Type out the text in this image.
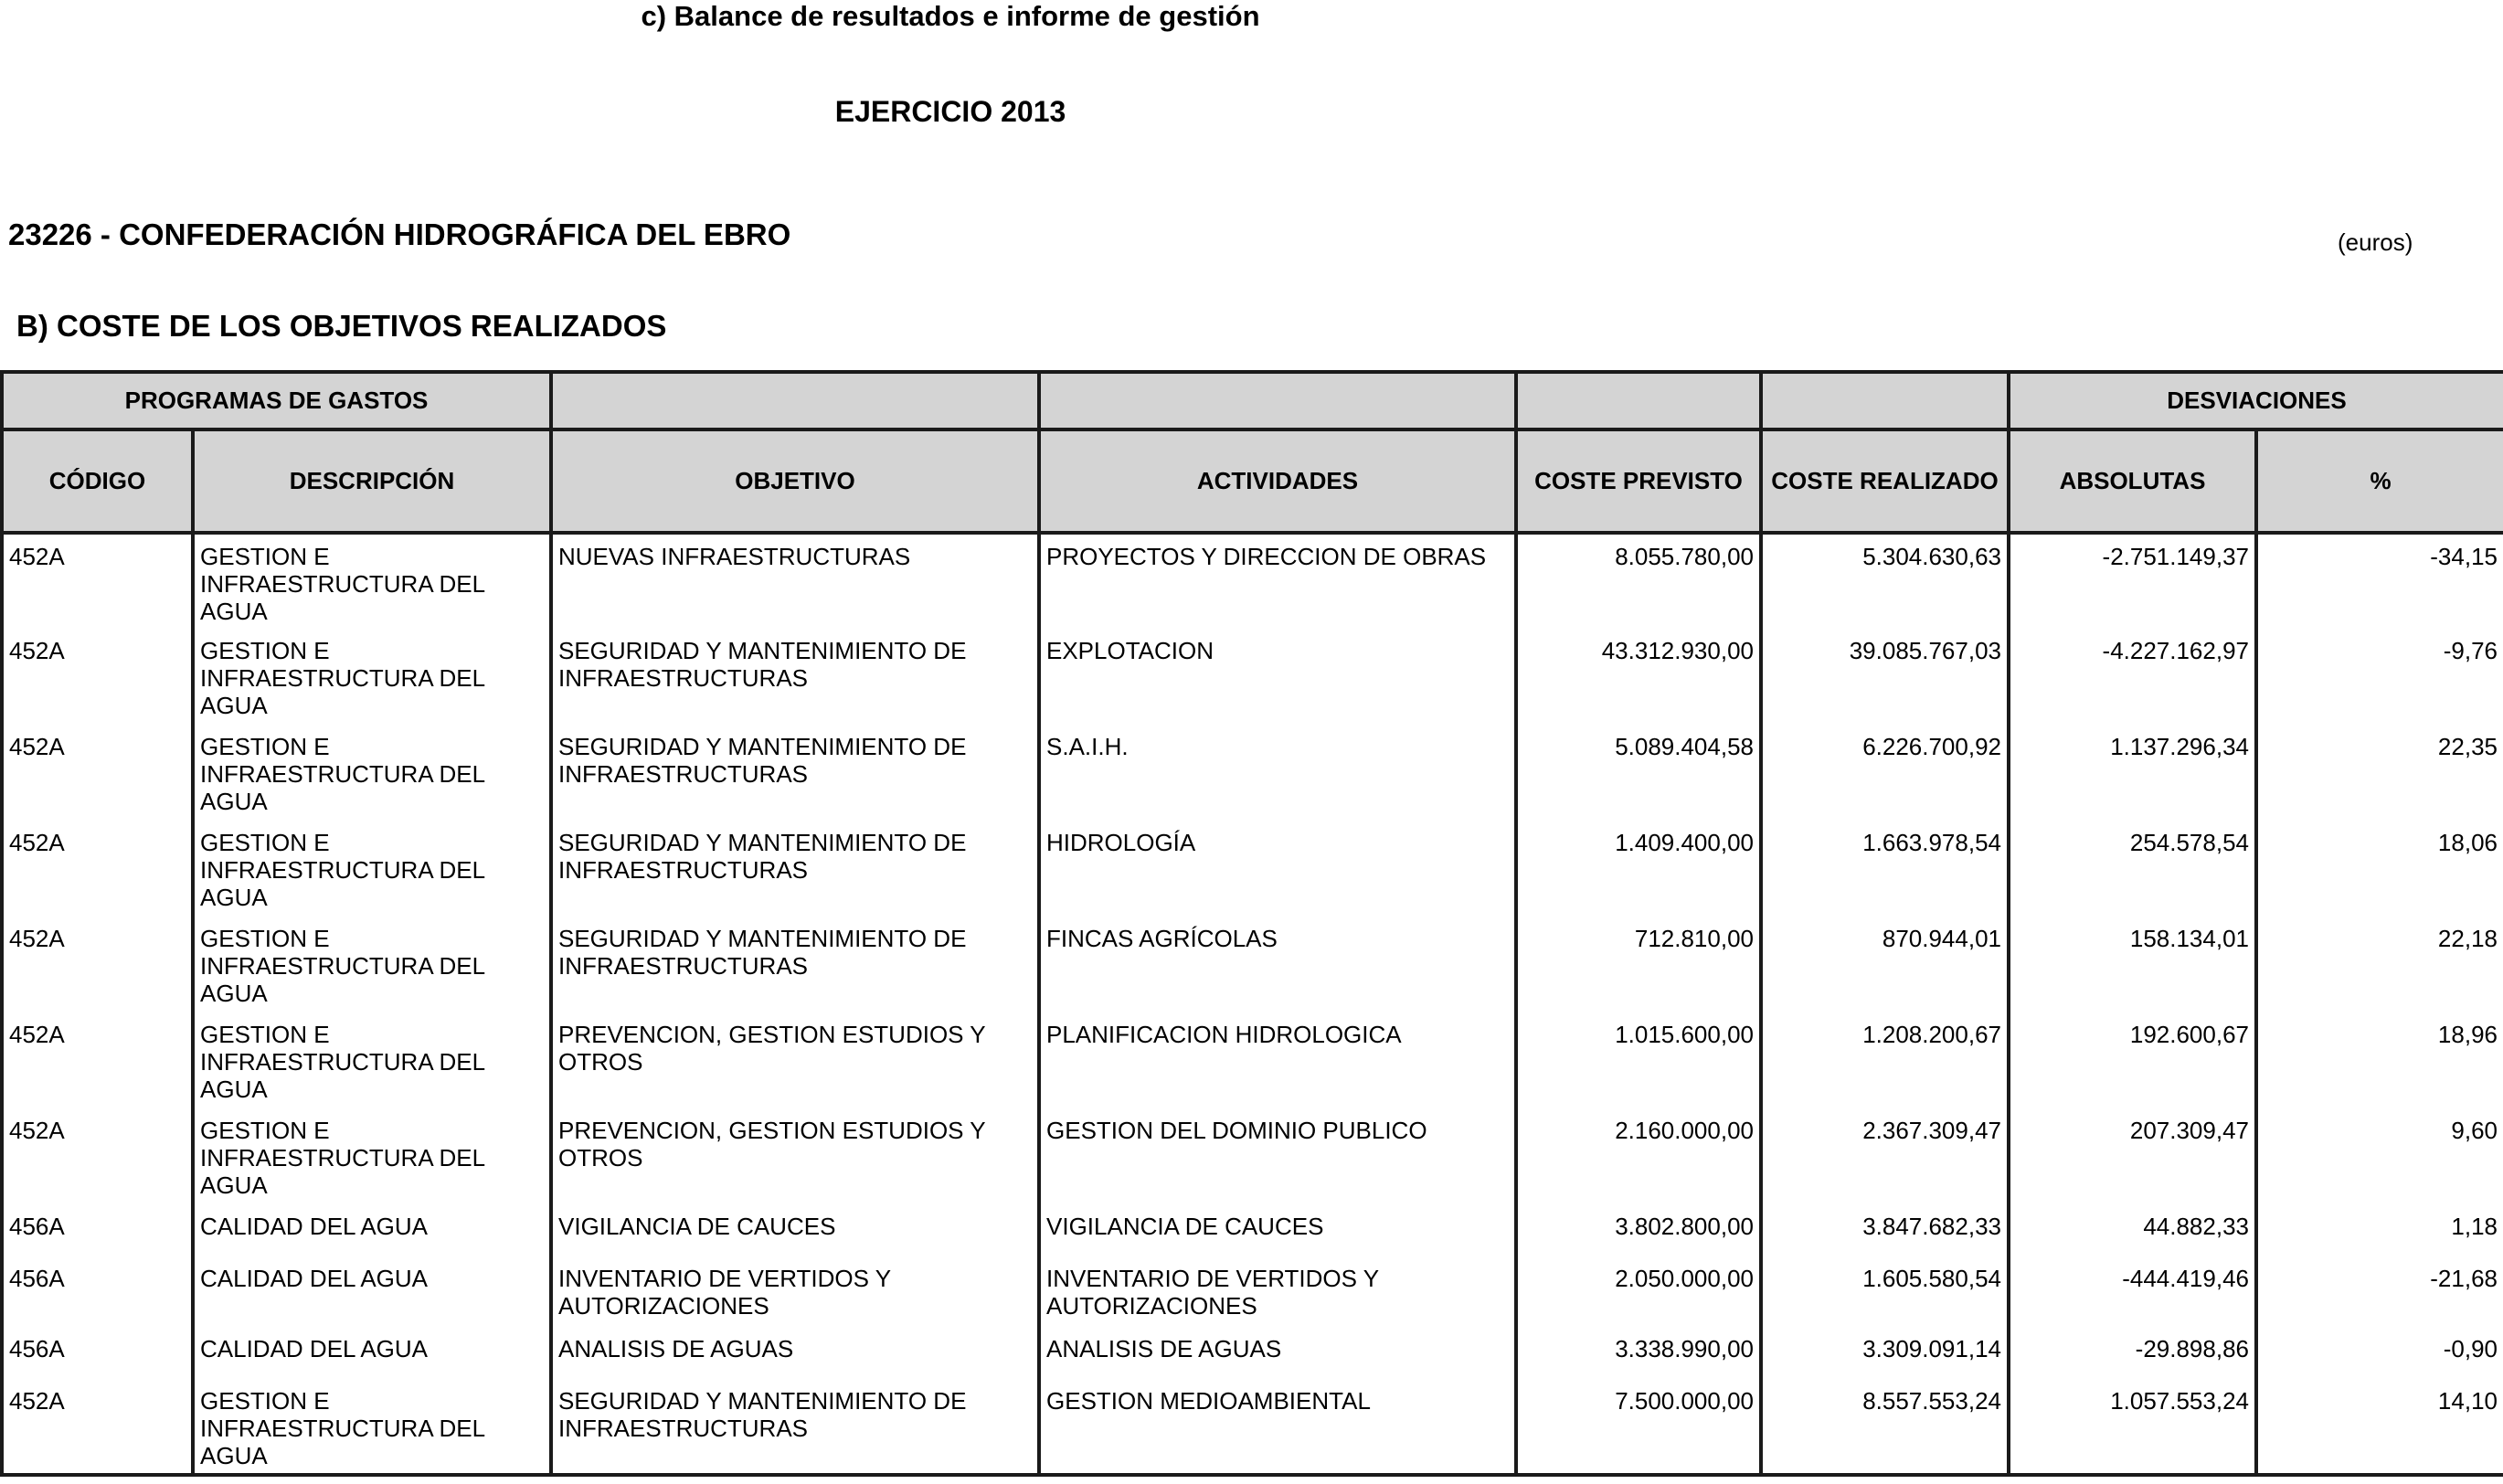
c) Balance de resultados e informe de gestión
EJERCICIO 2013
23226 - CONFEDERACIÓN HIDROGRÁFICA DEL EBRO	(euros)
B) COSTE DE LOS OBJETIVOS REALIZADOS
PROGRAMAS DE GASTOS						DESVIACIONES	
CÓDIGO	DESCRIPCIÓN	OBJETIVO	ACTIVIDADES	COSTE PREVISTO	COSTE REALIZADO	ABSOLUTAS	%
452A	GESTION E INFRAESTRUCTURA DEL AGUA	NUEVAS INFRAESTRUCTURAS	PROYECTOS Y DIRECCION DE OBRAS	8.055.780,00	5.304.630,63	-2.751.149,37	-34,15
452A	GESTION E INFRAESTRUCTURA DEL AGUA	SEGURIDAD Y MANTENIMIENTO DE INFRAESTRUCTURAS	EXPLOTACION	43.312.930,00	39.085.767,03	-4.227.162,97	-9,76
452A	GESTION E INFRAESTRUCTURA DEL AGUA	SEGURIDAD Y MANTENIMIENTO DE INFRAESTRUCTURAS	S.A.I.H.	5.089.404,58	6.226.700,92	1.137.296,34	22,35
452A	GESTION E INFRAESTRUCTURA DEL AGUA	SEGURIDAD Y MANTENIMIENTO DE INFRAESTRUCTURAS	HIDROLOGÍA	1.409.400,00	1.663.978,54	254.578,54	18,06
452A	GESTION E INFRAESTRUCTURA DEL AGUA	SEGURIDAD Y MANTENIMIENTO DE INFRAESTRUCTURAS	FINCAS AGRÍCOLAS	712.810,00	870.944,01	158.134,01	22,18
452A	GESTION E INFRAESTRUCTURA DEL AGUA	PREVENCION, GESTION ESTUDIOS Y OTROS	PLANIFICACION HIDROLOGICA	1.015.600,00	1.208.200,67	192.600,67	18,96
452A	GESTION E INFRAESTRUCTURA DEL AGUA	PREVENCION, GESTION ESTUDIOS Y OTROS	GESTION DEL DOMINIO PUBLICO	2.160.000,00	2.367.309,47	207.309,47	9,60
456A	CALIDAD DEL AGUA	VIGILANCIA DE CAUCES	VIGILANCIA DE CAUCES	3.802.800,00	3.847.682,33	44.882,33	1,18
456A	CALIDAD DEL AGUA	INVENTARIO DE VERTIDOS Y AUTORIZACIONES	INVENTARIO DE VERTIDOS Y AUTORIZACIONES	2.050.000,00	1.605.580,54	-444.419,46	-21,68
456A	CALIDAD DEL AGUA	ANALISIS DE AGUAS	ANALISIS DE AGUAS	3.338.990,00	3.309.091,14	-29.898,86	-0,90
452A	GESTION E INFRAESTRUCTURA DEL AGUA	SEGURIDAD Y MANTENIMIENTO DE INFRAESTRUCTURAS	GESTION MEDIOAMBIENTAL	7.500.000,00	8.557.553,24	1.057.553,24	14,10
